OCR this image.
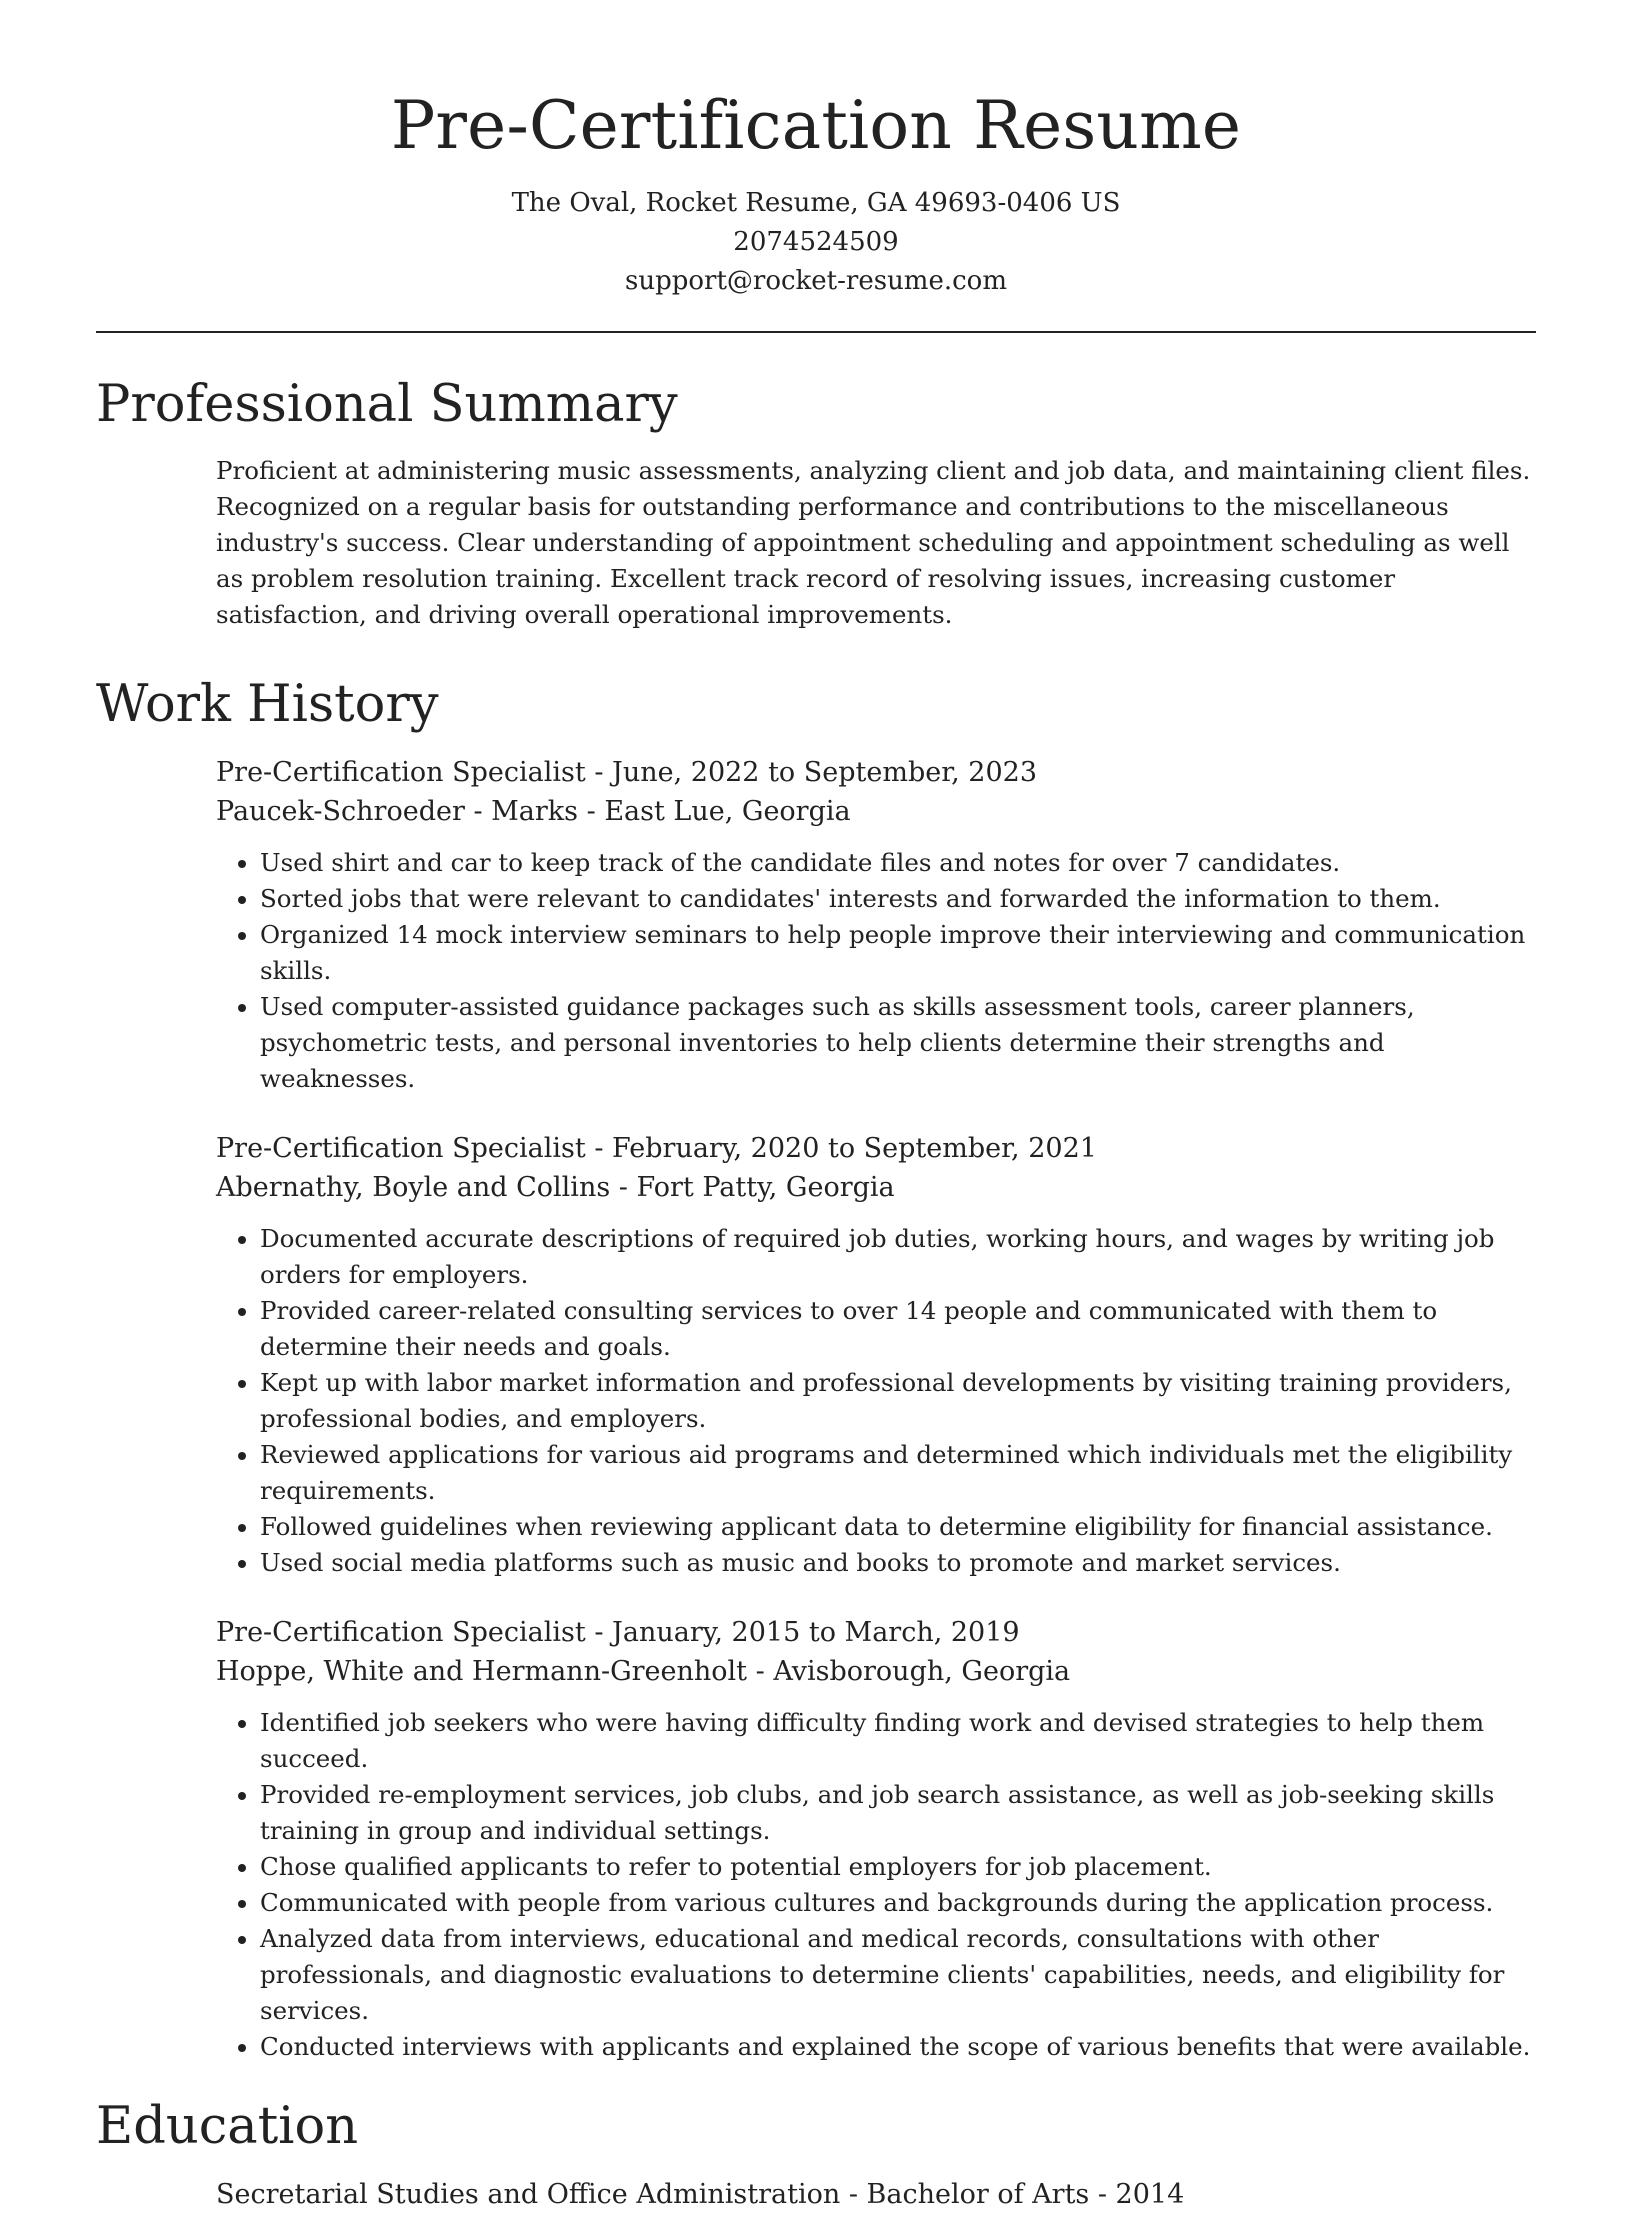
Pre-Certification Resume
The Oval, Rocket Resume, GA 49693-0406 US
2074524509
support@rocket-resume.com
Professional Summary

Proficient at administering music assessments, analyzing client and job data, and maintaining client files. Recognized on a regular basis for outstanding performance and contributions to the miscellaneous industry's success. Clear understanding of appointment scheduling and appointment scheduling as well as problem resolution training. Excellent track record of resolving issues, increasing customer satisfaction, and driving overall operational improvements.

Work History
Pre-Certification Specialist - June, 2022 to September, 2023
Paucek-Schroeder - Marks - East Lue, Georgia
• Used shirt and car to keep track of the candidate files and notes for over 7 candidates.
• Sorted jobs that were relevant to candidates' interests and forwarded the information to them.
• Organized 14 mock interview seminars to help people improve their interviewing and communication skills.
• Used computer-assisted guidance packages such as skills assessment tools, career planners, psychometric tests, and personal inventories to help clients determine their strengths and weaknesses.
Pre-Certification Specialist - February, 2020 to September, 2021
Abernathy, Boyle and Collins - Fort Patty, Georgia
• Documented accurate descriptions of required job duties, working hours, and wages by writing job orders for employers.
• Provided career-related consulting services to over 14 people and communicated with them to determine their needs and goals.
• Kept up with labor market information and professional developments by visiting training providers, professional bodies, and employers.
• Reviewed applications for various aid programs and determined which individuals met the eligibility requirements.
• Followed guidelines when reviewing applicant data to determine eligibility for financial assistance.
• Used social media platforms such as music and books to promote and market services.
Pre-Certification Specialist - January, 2015 to March, 2019
Hoppe, White and Hermann-Greenholt - Avisborough, Georgia
• Identified job seekers who were having difficulty finding work and devised strategies to help them succeed.
• Provided re-employment services, job clubs, and job search assistance, as well as job-seeking skills training in group and individual settings.
• Chose qualified applicants to refer to potential employers for job placement.
• Communicated with people from various cultures and backgrounds during the application process.
• Analyzed data from interviews, educational and medical records, consultations with other professionals, and diagnostic evaluations to determine clients' capabilities, needs, and eligibility for services.
• Conducted interviews with applicants and explained the scope of various benefits that were available.
Education
Secretarial Studies and Office Administration - Bachelor of Arts - 2014
